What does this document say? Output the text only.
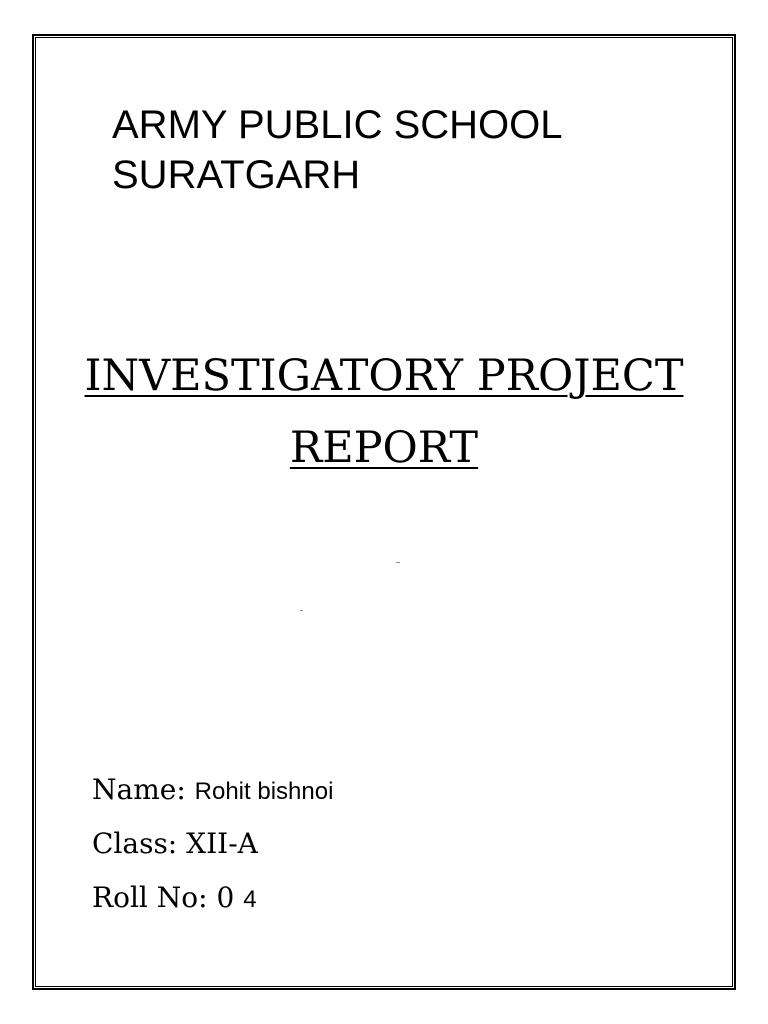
ARMY PUBLIC SCHOOL
SURATGARH
INVESTIGATORY PROJECT
REPORT
Name: Rohit bishnoi
Class: XII-A
Roll No: 0 4
